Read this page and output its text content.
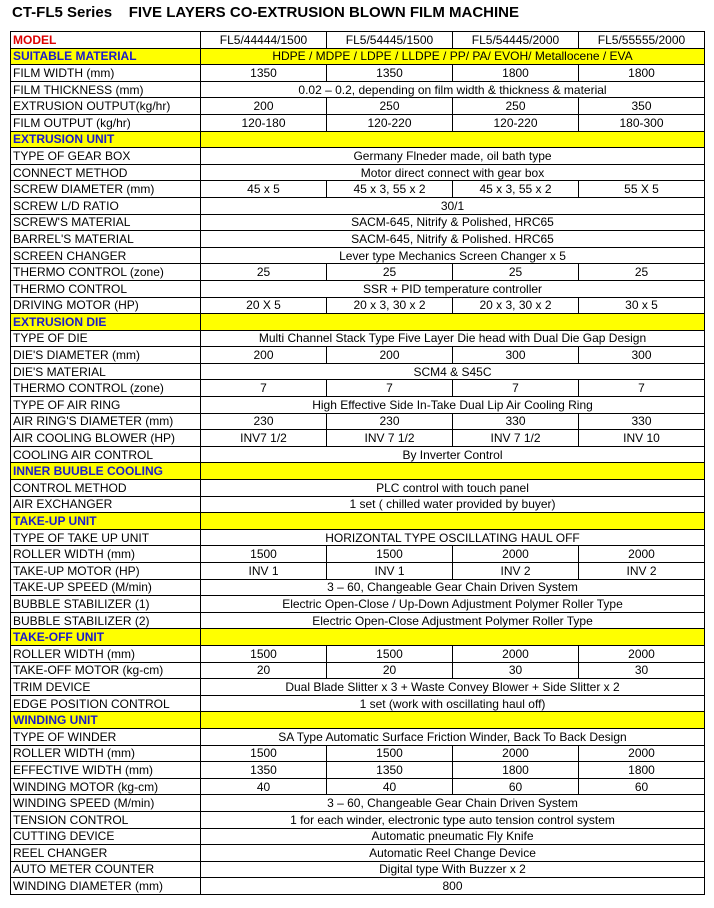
CT-FL5 Series FIVE LAYERS CO-EXTRUSION BLOWN FILM MACHINE
MODEL	FL5/44444/1500	FL5/54445/1500	FL5/54445/2000	FL5/55555/2000
SUITABLE MATERIAL	HDPE / MDPE / LDPE / LLDPE / PP/ PA/ EVOH/ Metallocene / EVA			
FILM WIDTH (mm)	1350	1350	1800	1800
FILM THICKNESS (mm)	0.02 – 0.2, depending on film width & thickness & material			
EXTRUSION OUTPUT(kg/hr)	200	250	250	350
FILM OUTPUT (kg/hr)	120-180	120-220	120-220	180-300
EXTRUSION UNIT				
TYPE OF GEAR BOX	Germany Flneder made, oil bath type			
CONNECT METHOD	Motor direct connect with gear box			
SCREW DIAMETER (mm)	45 x 5	45 x 3, 55 x 2	45 x 3, 55 x 2	55 X 5
SCREW L/D RATIO	30/1			
SCREW'S MATERIAL	SACM-645, Nitrify & Polished, HRC65			
BARREL'S MATERIAL	SACM-645, Nitrify & Polished. HRC65			
SCREEN CHANGER	Lever type Mechanics Screen Changer x 5			
THERMO CONTROL (zone)	25	25	25	25
THERMO CONTROL	SSR + PID temperature controller			
DRIVING MOTOR (HP)	20 X 5	20 x 3, 30 x 2	20 x 3, 30 x 2	30 x 5
EXTRUSION DIE				
TYPE OF DIE	Multi Channel Stack Type Five Layer Die head with Dual Die Gap Design			
DIE'S DIAMETER (mm)	200	200	300	300
DIE'S MATERIAL	SCM4 & S45C			
THERMO CONTROL (zone)	7	7	7	7
TYPE OF AIR RING	High Effective Side In-Take Dual Lip Air Cooling Ring			
AIR RING'S DIAMETER (mm)	230	230	330	330
AIR COOLING BLOWER (HP)	INV7 1/2	INV 7 1/2	INV 7 1/2	INV 10
COOLING AIR CONTROL	By Inverter Control			
INNER BUUBLE COOLING				
CONTROL METHOD	PLC control with touch panel			
AIR EXCHANGER	1 set ( chilled water provided by buyer)			
TAKE-UP UNIT				
TYPE OF TAKE UP UNIT	HORIZONTAL TYPE OSCILLATING HAUL OFF			
ROLLER WIDTH (mm)	1500	1500	2000	2000
TAKE-UP MOTOR (HP)	INV 1	INV 1	INV 2	INV 2
TAKE-UP SPEED (M/min)	3 – 60, Changeable Gear Chain Driven System			
BUBBLE STABILIZER (1)	Electric Open-Close / Up-Down Adjustment Polymer Roller Type			
BUBBLE STABILIZER (2)	Electric Open-Close Adjustment Polymer Roller Type			
TAKE-OFF UNIT				
ROLLER WIDTH (mm)	1500	1500	2000	2000
TAKE-OFF MOTOR (kg-cm)	20	20	30	30
TRIM DEVICE	Dual Blade Slitter x 3 + Waste Convey Blower + Side Slitter x 2			
EDGE POSITION CONTROL	1 set (work with oscillating haul off)			
WINDING UNIT				
TYPE OF WINDER	SA Type Automatic Surface Friction Winder, Back To Back Design			
ROLLER WIDTH (mm)	1500	1500	2000	2000
EFFECTIVE WIDTH (mm)	1350	1350	1800	1800
WINDING MOTOR (kg-cm)	40	40	60	60
WINDING SPEED (M/min)	3 – 60, Changeable Gear Chain Driven System			
TENSION CONTROL	1 for each winder, electronic type auto tension control system			
CUTTING DEVICE	Automatic pneumatic Fly Knife			
REEL CHANGER	Automatic Reel Change Device			
AUTO METER COUNTER	Digital type With Buzzer x 2			
WINDING DIAMETER (mm)	800			
